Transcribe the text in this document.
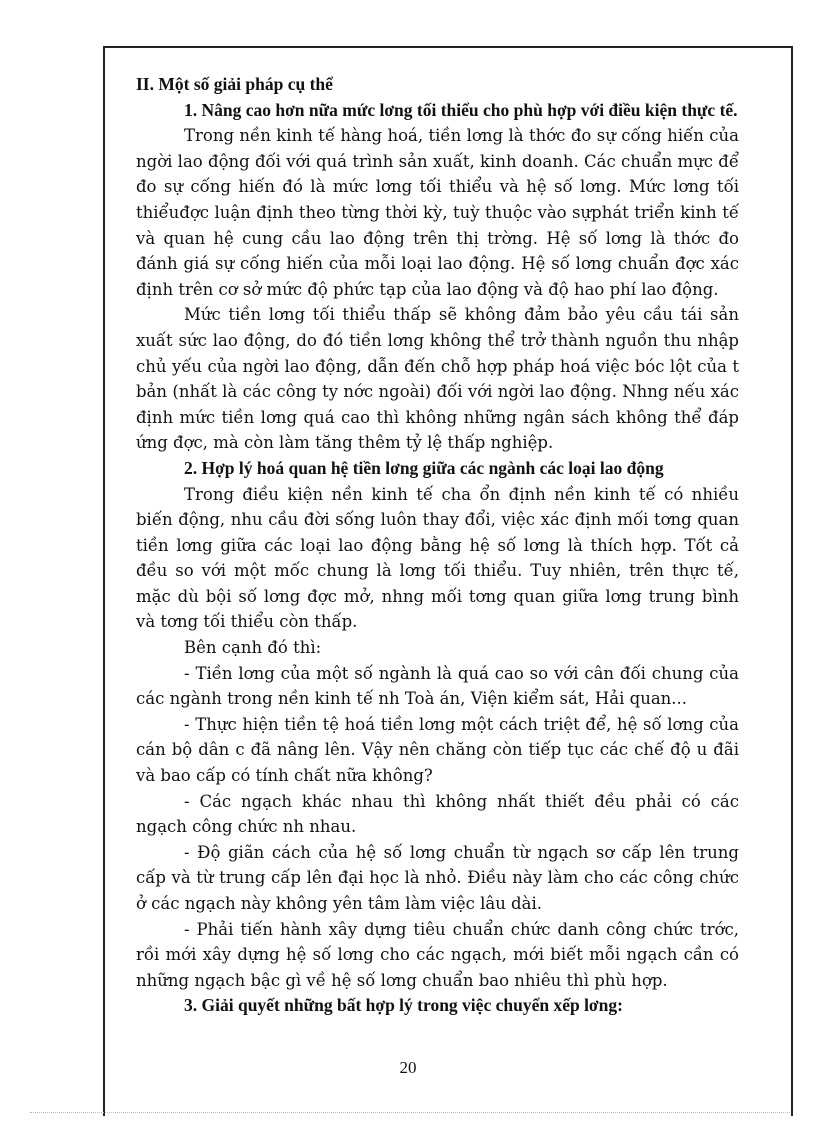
II. Một số giải pháp cụ thể

1. Nâng cao hơn nữa mức lơng tối thiểu cho phù hợp với điều kiện thực tế.

Trong nền kinh tế hàng hoá, tiền lơng là thớc đo sự cống hiến của ngời lao động đối với quá trình sản xuất, kinh doanh. Các chuẩn mực để đo sự cống hiến đó là mức lơng tối thiểu và hệ số lơng. Mức lơng tối thiểuđợc luận định theo từng thời kỳ, tuỳ thuộc vào sựphát triển kinh tế và quan hệ cung cầu lao động trên thị trờng. Hệ số lơng là thớc đo đánh giá sự cống hiến của mỗi loại lao động. Hệ số lơng chuẩn đợc xác định trên cơ sở mức độ phức tạp của lao động và độ hao phí lao động.

Mức tiền lơng tối thiểu thấp sẽ không đảm bảo yêu cầu tái sản xuất sức lao động, do đó tiền lơng không thể trở thành nguồn thu nhập chủ yếu của ngời lao động, dẫn đến chỗ hợp pháp hoá việc bóc lột của t bản (nhất là các công ty nớc ngoài) đối với ngời lao động. Nhng nếu xác định mức tiền lơng quá cao thì không những ngân sách không thể đáp ứng đợc, mà còn làm tăng thêm tỷ lệ thấp nghiệp.

2. Hợp lý hoá quan hệ tiền lơng giữa các ngành các loại lao động

Trong điều kiện nền kinh tế cha ổn định nền kinh tế có nhiều biến động, nhu cầu đời sống luôn thay đổi, việc xác định mối tơng quan tiền lơng giữa các loại lao động bằng hệ số lơng là thích hợp. Tốt cả đều so với một mốc chung là lơng tối thiểu. Tuy nhiên, trên thực tế, mặc dù bội số lơng đợc mở, nhng mối tơng quan giữa lơng trung bình và tơng tối thiểu còn thấp.

Bên cạnh đó thì:

- Tiền lơng của một số ngành là quá cao so với cân đối chung của các ngành trong nền kinh tế nh Toà án, Viện kiểm sát, Hải quan...

- Thực hiện tiền tệ hoá tiền lơng một cách triệt để, hệ số lơng của cán bộ dân c đã nâng lên. Vậy nên chăng còn tiếp tục các chế độ u đãi và bao cấp có tính chất nữa không?

- Các ngạch khác nhau thì không nhất thiết đều phải có các ngạch công chức nh nhau.

- Độ giãn cách của hệ số lơng chuẩn từ ngạch sơ cấp lên trung cấp và từ trung cấp lên đại học là nhỏ. Điều này làm cho các công chức ở các ngạch này không yên tâm làm việc lâu dài.

- Phải tiến hành xây dựng tiêu chuẩn chức danh công chức trớc, rồi mới xây dựng hệ số lơng cho các ngạch, mới biết mỗi ngạch cần có những ngạch bậc gì về hệ số lơng chuẩn bao nhiêu thì phù hợp.

3. Giải quyết những bất hợp lý trong việc chuyển xếp lơng:

20
